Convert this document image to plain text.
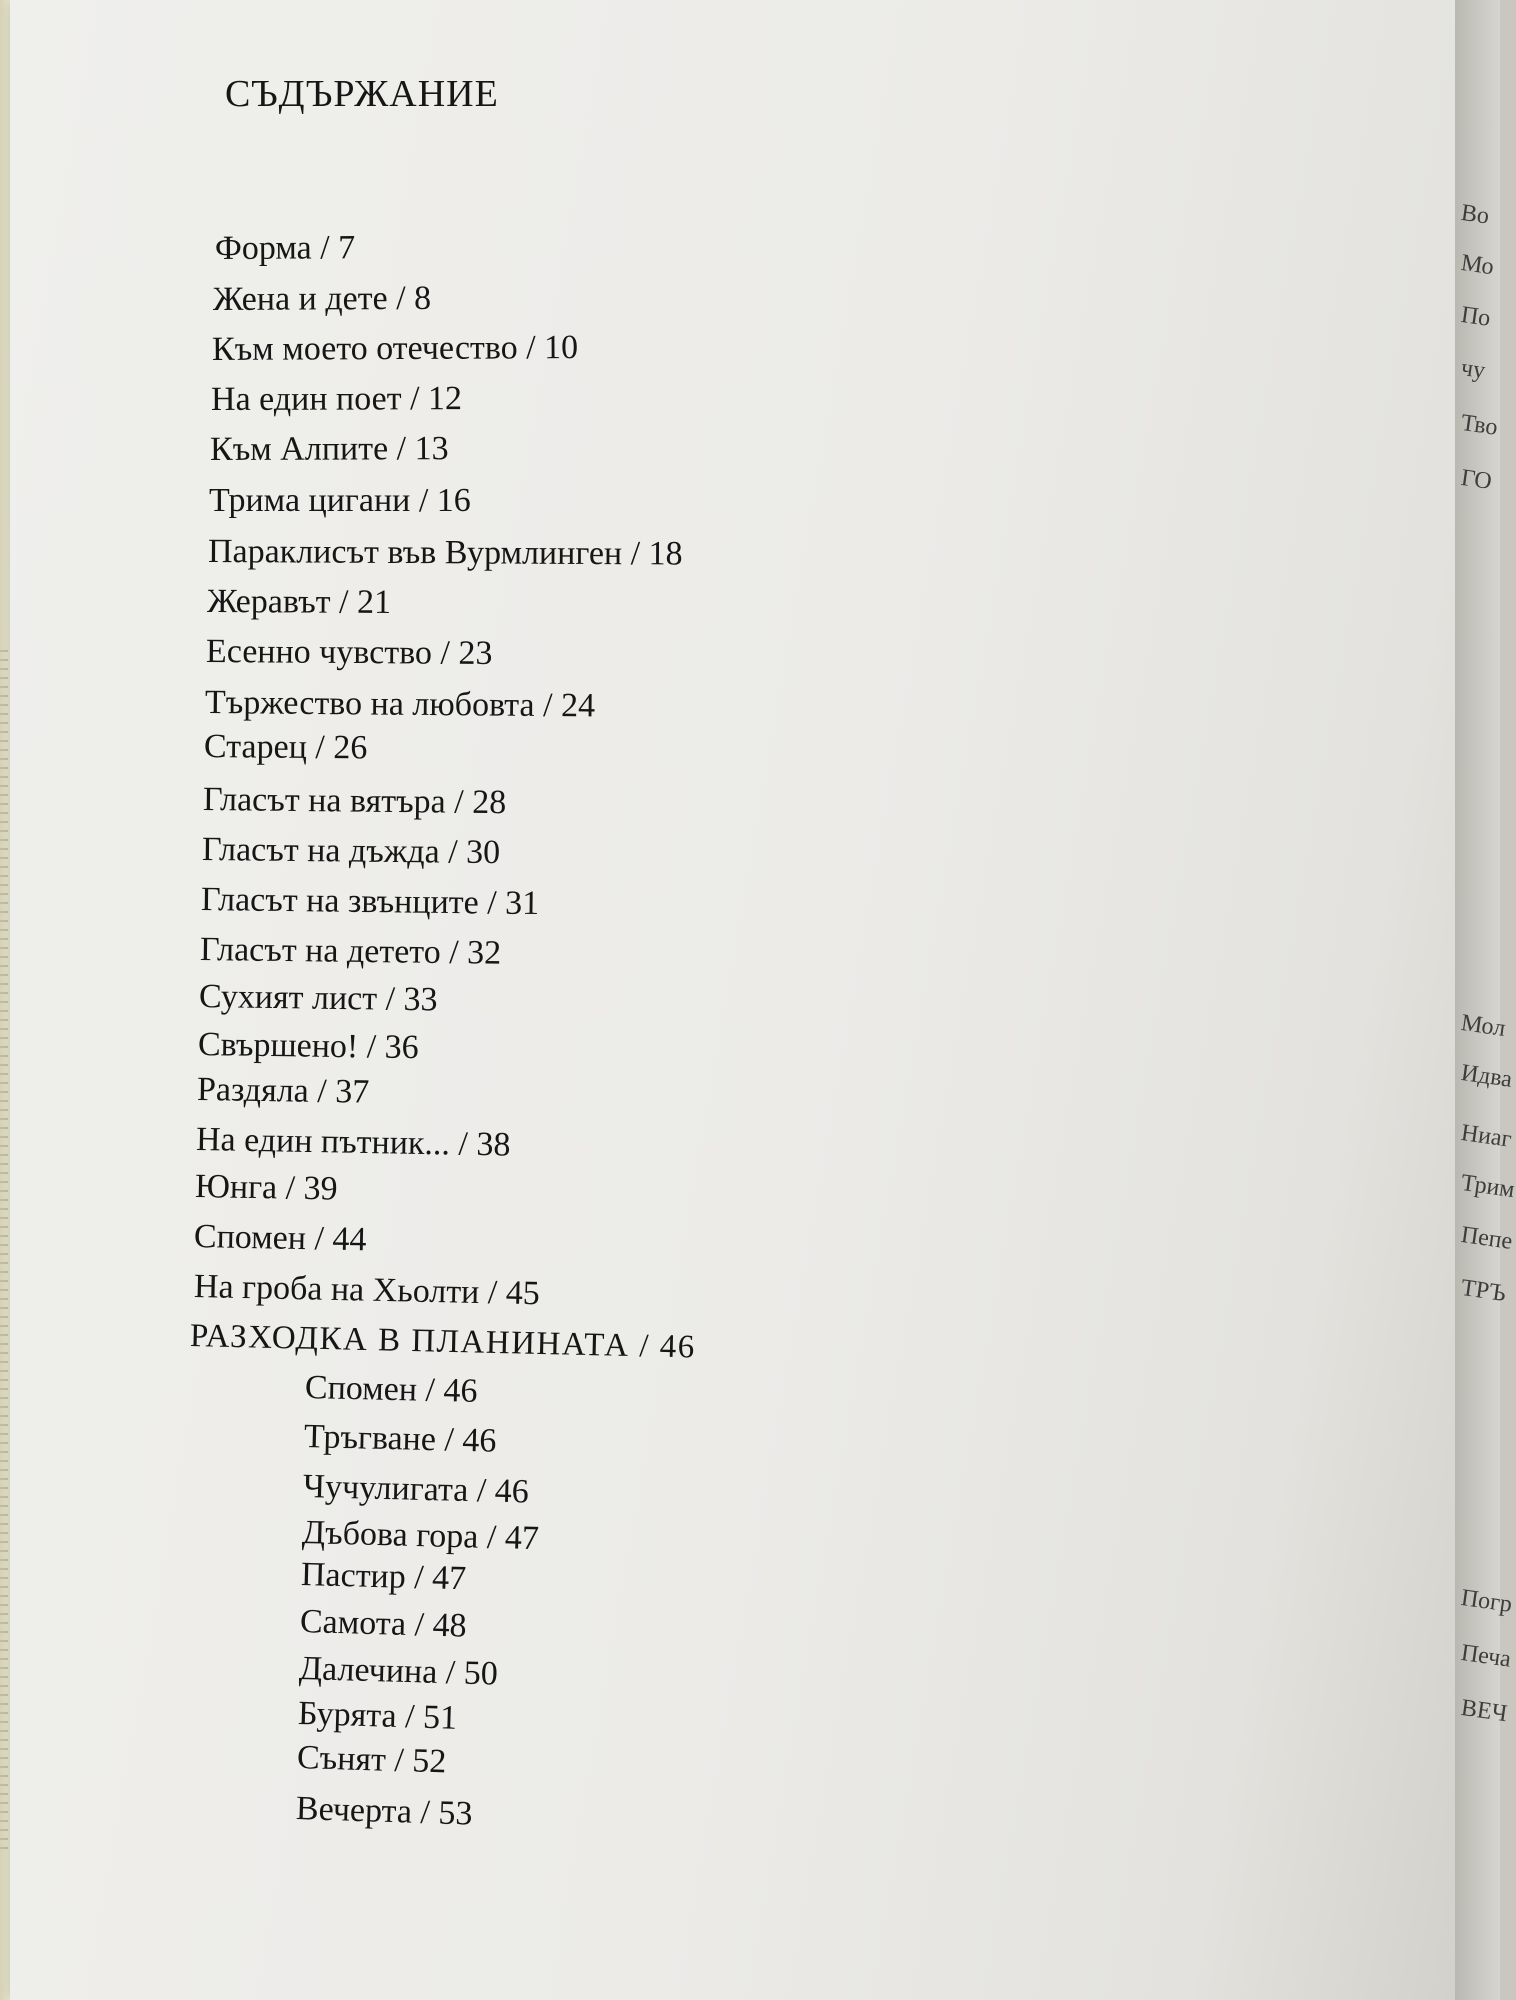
СЪДЪРЖАНИЕ
Форма / 7
Жена и дете / 8
Към моето отечество / 10
На един поет / 12
Към Алпите / 13
Трима цигани / 16
Параклисът във Вурмлинген / 18
Жеравът / 21
Есенно чувство / 23
Тържество на любовта / 24
Старец / 26
Гласът на вятъра / 28
Гласът на дъжда / 30
Гласът на звънците / 31
Гласът на детето / 32
Сухият лист / 33
Свършено! / 36
Раздяла / 37
На един пътник... / 38
Юнга / 39
Спомен / 44
На гроба на Хьолти / 45
РАЗХОДКА В ПЛАНИНАТА / 46
Спомен / 46
Тръгване / 46
Чучулигата / 46
Дъбова гора / 47
Пастир / 47
Самота / 48
Далечина / 50
Бурята / 51
Сънят / 52
Вечерта / 53
Во
Мо
По
чу
Тво
ГО
Мол
Идва
Ниаг
Трим
Пепе
ТРЪ
Погр
Печа
ВЕЧ
